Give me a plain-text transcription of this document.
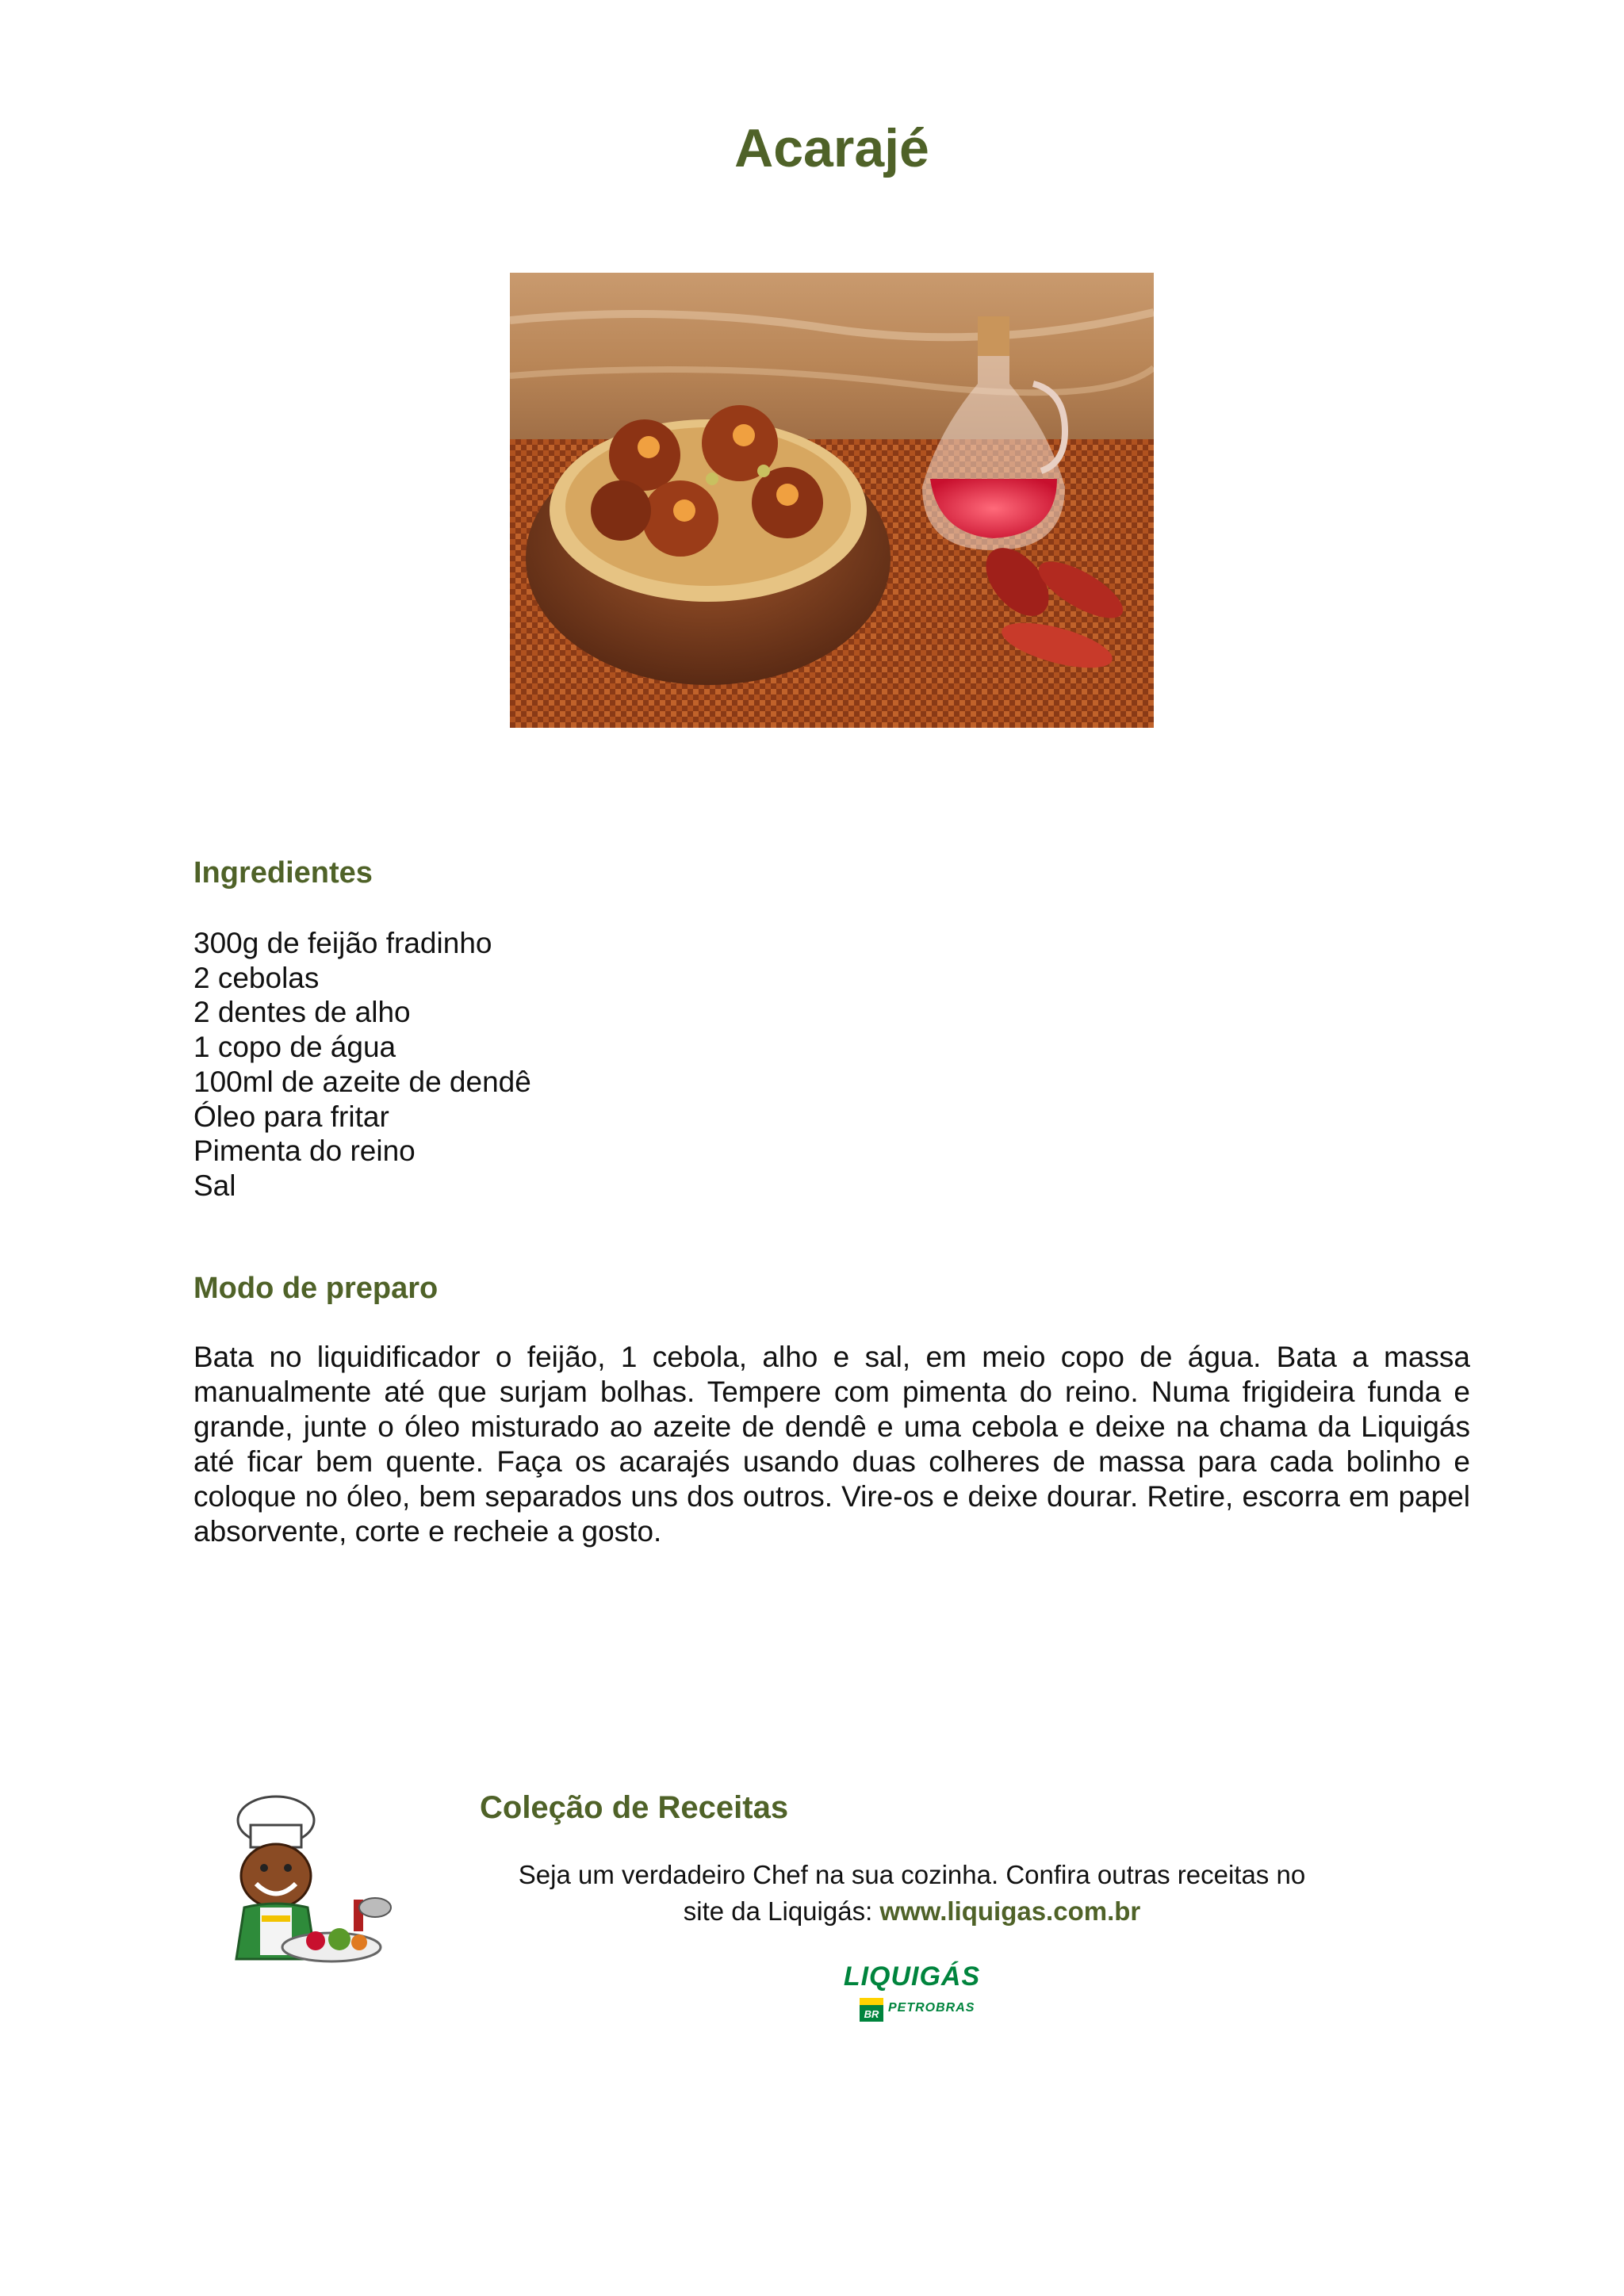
Acarajé
Ingredientes
300g de feijão fradinho
2 cebolas
2 dentes de alho
1 copo de água
100ml de azeite de dendê
Óleo para fritar
Pimenta do reino
Sal
Modo de preparo

Bata no liquidificador o feijão, 1 cebola, alho e sal, em meio copo de água. Bata a massa manualmente até que surjam bolhas. Tempere com pimenta do reino. Numa frigideira funda e grande, junte o óleo misturado ao azeite de dendê e uma cebola e deixe na chama da Liquigás até ficar bem quente. Faça os acarajés usando duas colheres de massa para cada bolinho e coloque no óleo, bem separados uns dos outros. Vire-os e deixe dourar. Retire, escorra em papel absorvente, corte e recheie a gosto.

Coleção de Receitas

Seja um verdadeiro Chef na sua cozinha. Confira outras receitas no
site da Liquigás: www.liquigas.com.br

LIQUIGÁS
BR PETROBRAS
